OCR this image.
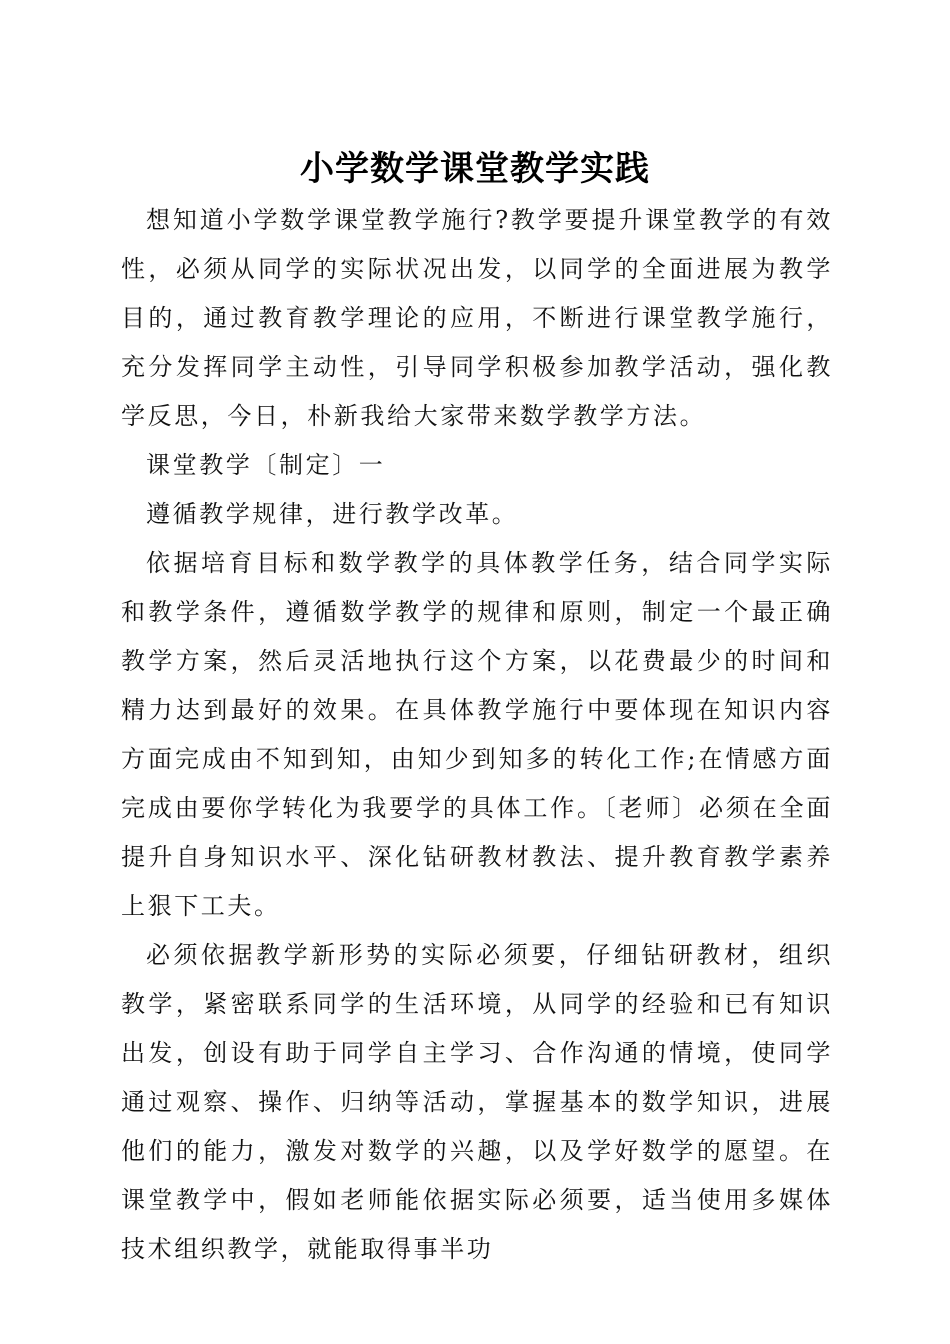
小学数学课堂教学实践

想知道小学数学课堂教学施行?教学要提升课堂教学的有效性，必须从同学的实际状况出发，以同学的全面进展为教学目的，通过教育教学理论的应用，不断进行课堂教学施行，充分发挥同学主动性，引导同学积极参加教学活动，强化教学反思，今日，朴新我给大家带来数学教学方法。

课堂教学〔制定〕一

遵循教学规律，进行教学改革。

依据培育目标和数学教学的具体教学任务，结合同学实际和教学条件，遵循数学教学的规律和原则，制定一个最正确教学方案，然后灵活地执行这个方案，以花费最少的时间和精力达到最好的效果。在具体教学施行中要体现在知识内容方面完成由不知到知，由知少到知多的转化工作;在情感方面完成由要你学转化为我要学的具体工作。〔老师〕必须在全面提升自身知识水平、深化钻研教材教法、提升教育教学素养上狠下工夫。

必须依据教学新形势的实际必须要，仔细钻研教材，组织教学，紧密联系同学的生活环境，从同学的经验和已有知识出发，创设有助于同学自主学习、合作沟通的情境，使同学通过观察、操作、归纳等活动，掌握基本的数学知识，进展他们的能力，激发对数学的兴趣，以及学好数学的愿望。在课堂教学中，假如老师能依据实际必须要，适当使用多媒体技术组织教学，就能取得事半功
